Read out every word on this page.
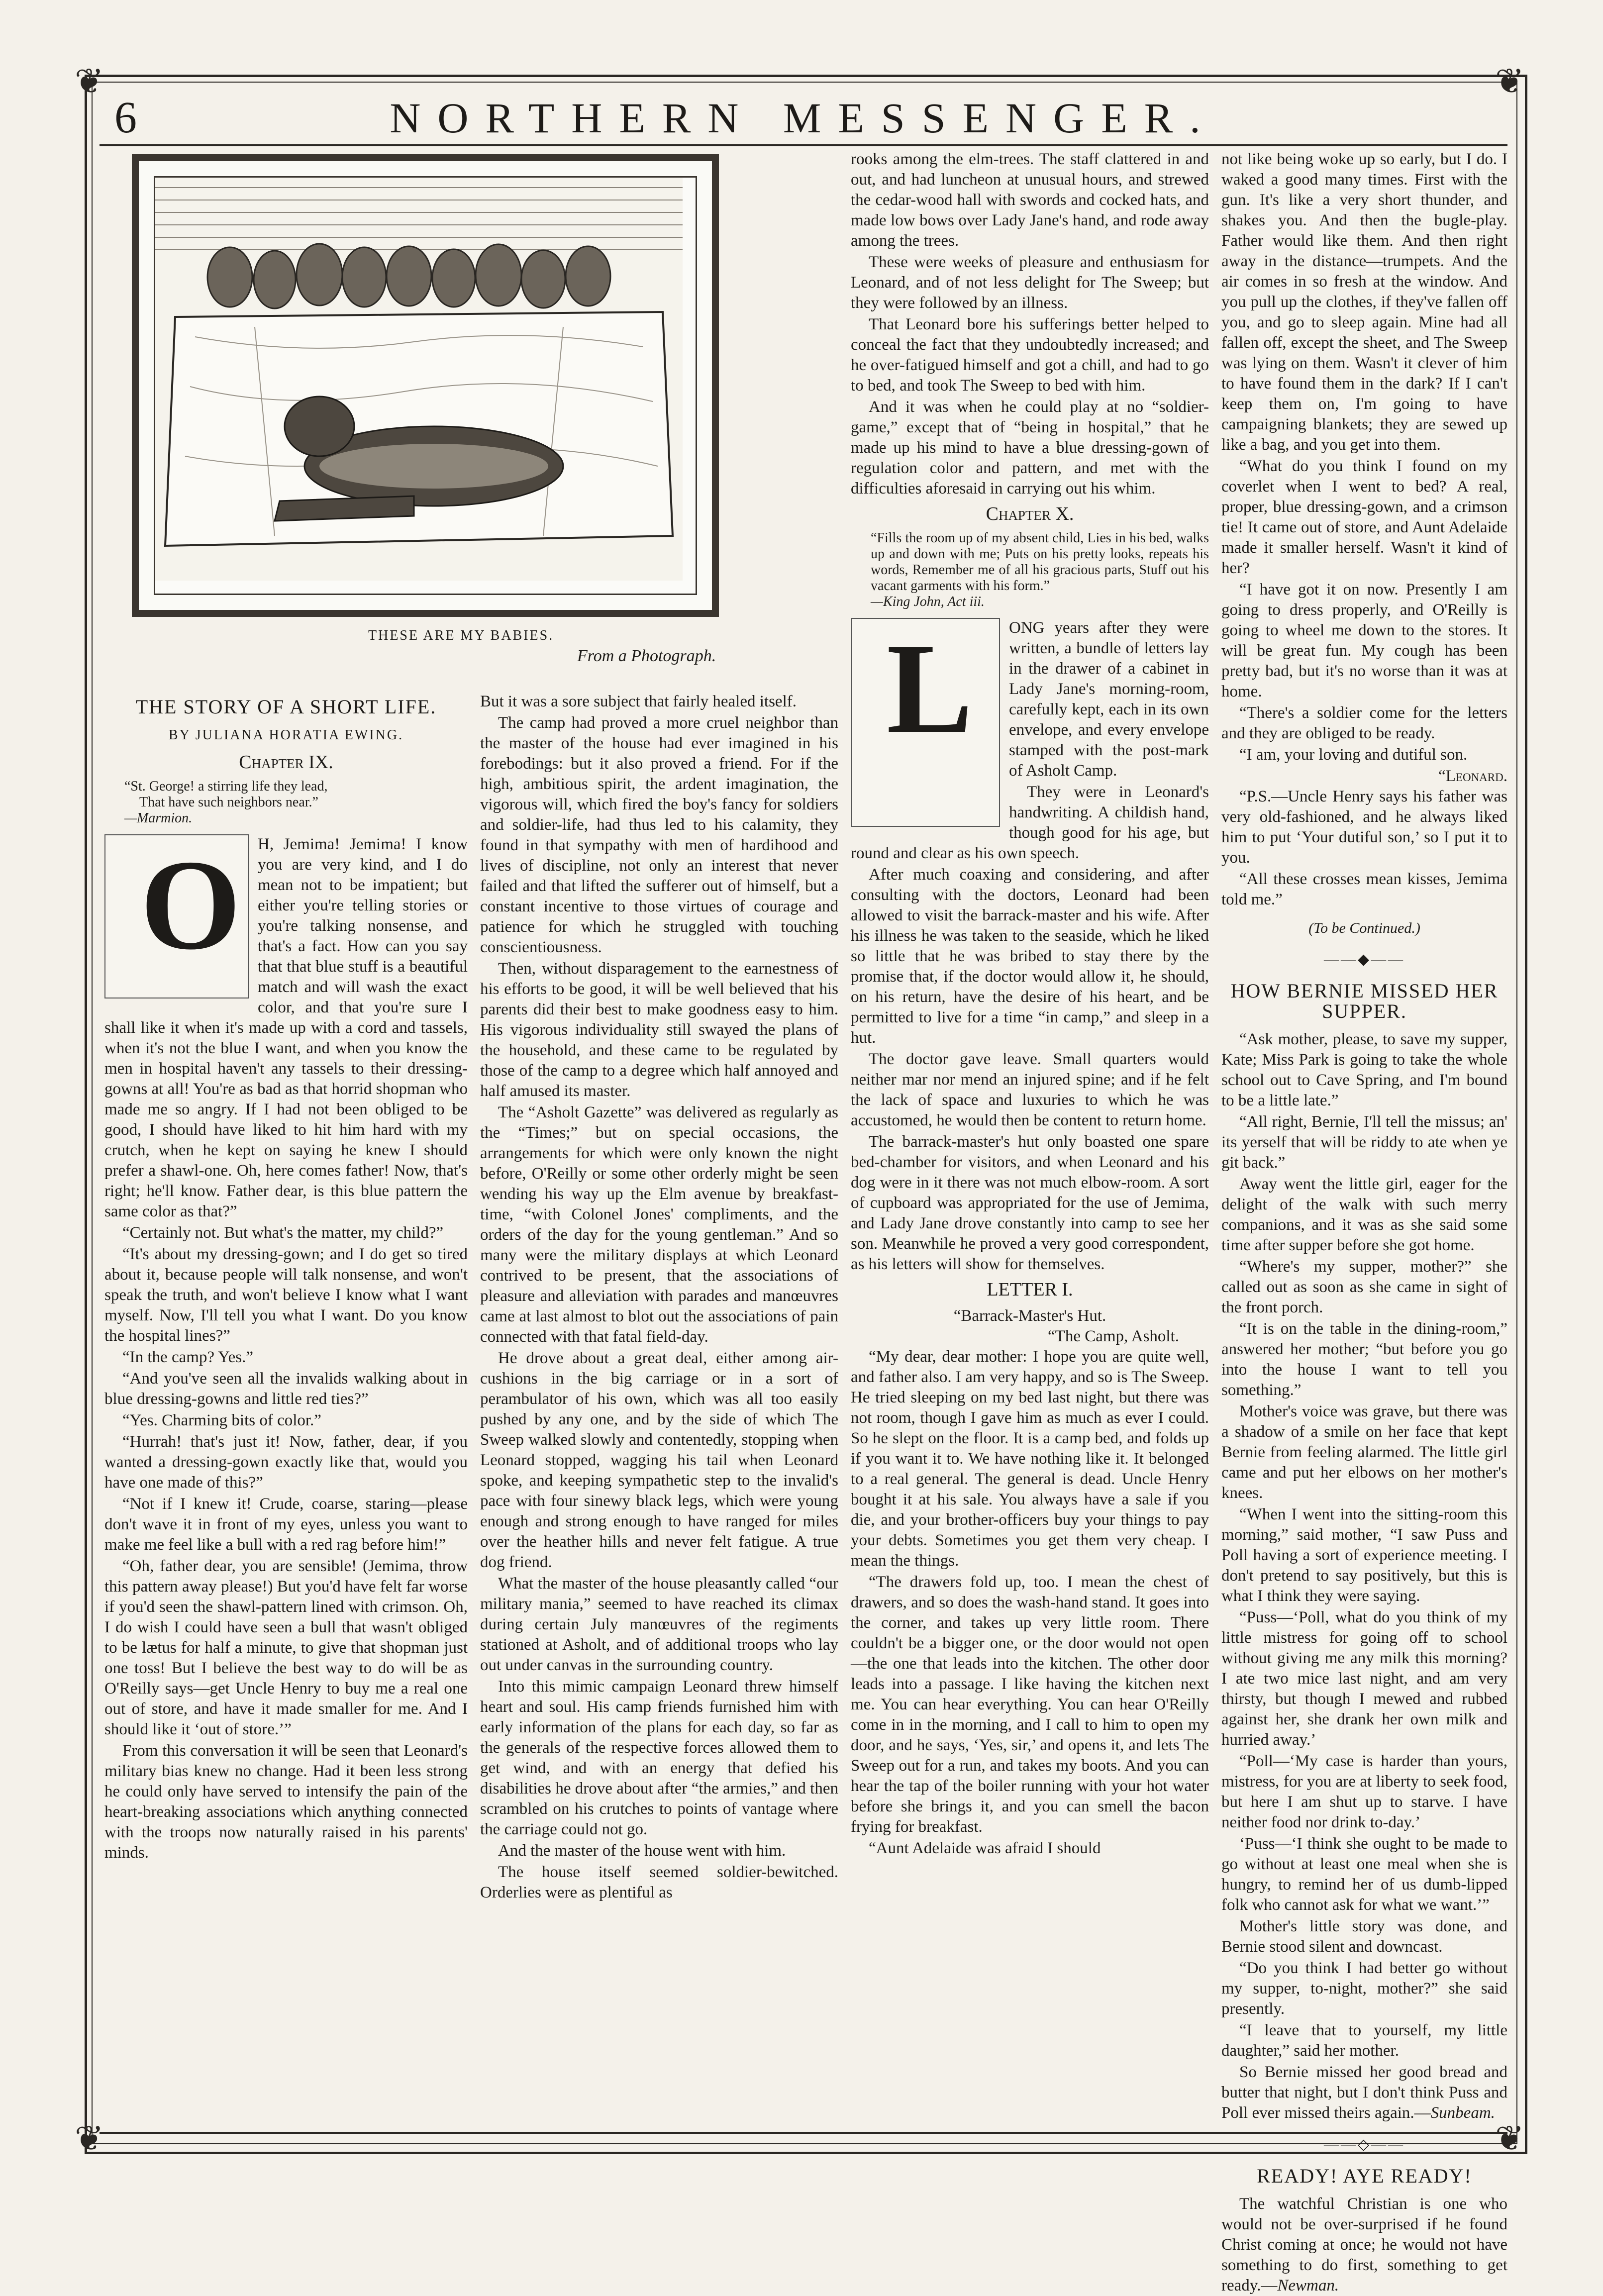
❦	❦
❦	❦
6	NORTHERN MESSENGER.
THESE ARE MY BABIES.
From a Photograph.
THE STORY OF A SHORT LIFE.
BY JULIANA HORATIA EWING.
Chapter IX.
“St. George! a stirring life they lead,
That have such neighbors near.”
—Marmion.
O	H, Jemima! Jemima! I know you are very kind, and I do mean not to be impatient; but either you're telling stories or you're talking nonsense, and that's a fact. How can you say that that blue stuff is a beautiful match and will wash the exact color, and that you're sure I shall like it when it's made up with a cord and tassels, when it's not the blue I want, and when you know the men in hospital haven't any tassels to their dressing-gowns at all! You're as bad as that horrid shopman who made me so angry. If I had not been obliged to be good, I should have liked to hit him hard with my crutch, when he kept on saying he knew I should prefer a shawl-one. Oh, here comes father! Now, that's right; he'll know. Father dear, is this blue pattern the same color as that?”

“Certainly not. But what's the matter, my child?”

“It's about my dressing-gown; and I do get so tired about it, because people will talk nonsense, and won't speak the truth, and won't believe I know what I want myself. Now, I'll tell you what I want. Do you know the hospital lines?”

“In the camp? Yes.”

“And you've seen all the invalids walking about in blue dressing-gowns and little red ties?”

“Yes. Charming bits of color.”

“Hurrah! that's just it! Now, father, dear, if you wanted a dressing-gown exactly like that, would you have one made of this?”

“Not if I knew it! Crude, coarse, staring—please don't wave it in front of my eyes, unless you want to make me feel like a bull with a red rag before him!”

“Oh, father dear, you are sensible! (Jemima, throw this pattern away please!) But you'd have felt far worse if you'd seen the shawl-pattern lined with crimson. Oh, I do wish I could have seen a bull that wasn't obliged to be lætus for half a minute, to give that shopman just one toss! But I believe the best way to do will be as O'Reilly says—get Uncle Henry to buy me a real one out of store, and have it made smaller for me. And I should like it ‘out of store.’”

From this conversation it will be seen that Leonard's military bias knew no change. Had it been less strong he could only have served to intensify the pain of the heart-breaking associations which anything connected with the troops now naturally raised in his parents' minds.

But it was a sore subject that fairly healed itself.

The camp had proved a more cruel neighbor than the master of the house had ever imagined in his forebodings: but it also proved a friend. For if the high, ambitious spirit, the ardent imagination, the vigorous will, which fired the boy's fancy for soldiers and soldier-life, had thus led to his calamity, they found in that sympathy with men of hardihood and lives of discipline, not only an interest that never failed and that lifted the sufferer out of himself, but a constant incentive to those virtues of courage and patience for which he struggled with touching conscientiousness.

Then, without disparagement to the earnestness of his efforts to be good, it will be well believed that his parents did their best to make goodness easy to him. His vigorous individuality still swayed the plans of the household, and these came to be regulated by those of the camp to a degree which half annoyed and half amused its master.

The “Asholt Gazette” was delivered as regularly as the “Times;” but on special occasions, the arrangements for which were only known the night before, O'Reilly or some other orderly might be seen wending his way up the Elm avenue by breakfast-time, “with Colonel Jones' compliments, and the orders of the day for the young gentleman.” And so many were the military displays at which Leonard contrived to be present, that the associations of pleasure and alleviation with parades and manœuvres came at last almost to blot out the associations of pain connected with that fatal field-day.

He drove about a great deal, either among air-cushions in the big carriage or in a sort of perambulator of his own, which was all too easily pushed by any one, and by the side of which The Sweep walked slowly and contentedly, stopping when Leonard stopped, wagging his tail when Leonard spoke, and keeping sympathetic step to the invalid's pace with four sinewy black legs, which were young enough and strong enough to have ranged for miles over the heather hills and never felt fatigue. A true dog friend.

What the master of the house pleasantly called “our military mania,” seemed to have reached its climax during certain July manœuvres of the regiments stationed at Asholt, and of additional troops who lay out under canvas in the surrounding country.

Into this mimic campaign Leonard threw himself heart and soul. His camp friends furnished him with early information of the plans for each day, so far as the generals of the respective forces allowed them to get wind, and with an energy that defied his disabilities he drove about after “the armies,” and then scrambled on his crutches to points of vantage where the carriage could not go.

And the master of the house went with him.

The house itself seemed soldier-bewitched. Orderlies were as plentiful as

rooks among the elm-trees. The staff clattered in and out, and had luncheon at unusual hours, and strewed the cedar-wood hall with swords and cocked hats, and made low bows over Lady Jane's hand, and rode away among the trees.

These were weeks of pleasure and enthusiasm for Leonard, and of not less delight for The Sweep; but they were followed by an illness.

That Leonard bore his sufferings better helped to conceal the fact that they undoubtedly increased; and he over-fatigued himself and got a chill, and had to go to bed, and took The Sweep to bed with him.

And it was when he could play at no “soldier-game,” except that of “being in hospital,” that he made up his mind to have a blue dressing-gown of regulation color and pattern, and met with the difficulties aforesaid in carrying out his whim.

Chapter X.
“Fills the room up of my absent child, Lies in his bed, walks up and down with me; Puts on his pretty looks, repeats his words, Remember me of all his gracious parts, Stuff out his vacant garments with his form.”
—King John, Act iii.
L	ONG years after they were written, a bundle of letters lay in the drawer of a cabinet in Lady Jane's morning-room, carefully kept, each in its own envelope, and every envelope stamped with the post-mark of Asholt Camp.

They were in Leonard's handwriting. A childish hand, though good for his age, but round and clear as his own speech.

After much coaxing and considering, and after consulting with the doctors, Leonard had been allowed to visit the barrack-master and his wife. After his illness he was taken to the seaside, which he liked so little that he was bribed to stay there by the promise that, if the doctor would allow it, he should, on his return, have the desire of his heart, and be permitted to live for a time “in camp,” and sleep in a hut.

The doctor gave leave. Small quarters would neither mar nor mend an injured spine; and if he felt the lack of space and luxuries to which he was accustomed, he would then be content to return home.

The barrack-master's hut only boasted one spare bed-chamber for visitors, and when Leonard and his dog were in it there was not much elbow-room. A sort of cupboard was appropriated for the use of Jemima, and Lady Jane drove constantly into camp to see her son. Meanwhile he proved a very good correspondent, as his letters will show for themselves.

LETTER I.
“Barrack-Master's Hut.
“The Camp, Asholt.

“My dear, dear mother: I hope you are quite well, and father also. I am very happy, and so is The Sweep. He tried sleeping on my bed last night, but there was not room, though I gave him as much as ever I could. So he slept on the floor. It is a camp bed, and folds up if you want it to. We have nothing like it. It belonged to a real general. The general is dead. Uncle Henry bought it at his sale. You always have a sale if you die, and your brother-officers buy your things to pay your debts. Sometimes you get them very cheap. I mean the things.

“The drawers fold up, too. I mean the chest of drawers, and so does the wash-hand stand. It goes into the corner, and takes up very little room. There couldn't be a bigger one, or the door would not open—the one that leads into the kitchen. The other door leads into a passage. I like having the kitchen next me. You can hear everything. You can hear O'Reilly come in in the morning, and I call to him to open my door, and he says, ‘Yes, sir,’ and opens it, and lets The Sweep out for a run, and takes my boots. And you can hear the tap of the boiler running with your hot water before she brings it, and you can smell the bacon frying for breakfast.

“Aunt Adelaide was afraid I should

not like being woke up so early, but I do. I waked a good many times. First with the gun. It's like a very short thunder, and shakes you. And then the bugle-play. Father would like them. And then right away in the distance—trumpets. And the air comes in so fresh at the window. And you pull up the clothes, if they've fallen off you, and go to sleep again. Mine had all fallen off, except the sheet, and The Sweep was lying on them. Wasn't it clever of him to have found them in the dark? If I can't keep them on, I'm going to have campaigning blankets; they are sewed up like a bag, and you get into them.

“What do you think I found on my coverlet when I went to bed? A real, proper, blue dressing-gown, and a crimson tie! It came out of store, and Aunt Adelaide made it smaller herself. Wasn't it kind of her?

“I have got it on now. Presently I am going to dress properly, and O'Reilly is going to wheel me down to the stores. It will be great fun. My cough has been pretty bad, but it's no worse than it was at home.

“There's a soldier come for the letters and they are obliged to be ready.

“I am, your loving and dutiful son.

“Leonard.

“P.S.—Uncle Henry says his father was very old-fashioned, and he always liked him to put ‘Your dutiful son,’ so I put it to you.

“All these crosses mean kisses, Jemima told me.”

(To be Continued.)
——◆——
HOW BERNIE MISSED HER SUPPER.

“Ask mother, please, to save my supper, Kate; Miss Park is going to take the whole school out to Cave Spring, and I'm bound to be a little late.”

“All right, Bernie, I'll tell the missus; an' its yerself that will be riddy to ate when ye git back.”

Away went the little girl, eager for the delight of the walk with such merry companions, and it was as she said some time after supper before she got home.

“Where's my supper, mother?” she called out as soon as she came in sight of the front porch.

“It is on the table in the dining-room,” answered her mother; “but before you go into the house I want to tell you something.”

Mother's voice was grave, but there was a shadow of a smile on her face that kept Bernie from feeling alarmed. The little girl came and put her elbows on her mother's knees.

“When I went into the sitting-room this morning,” said mother, “I saw Puss and Poll having a sort of experience meeting. I don't pretend to say positively, but this is what I think they were saying.

“Puss—‘Poll, what do you think of my little mistress for going off to school without giving me any milk this morning? I ate two mice last night, and am very thirsty, but though I mewed and rubbed against her, she drank her own milk and hurried away.’

“Poll—‘My case is harder than yours, mistress, for you are at liberty to seek food, but here I am shut up to starve. I have neither food nor drink to-day.’

‘Puss—‘I think she ought to be made to go without at least one meal when she is hungry, to remind her of us dumb-lipped folk who cannot ask for what we want.’”

Mother's little story was done, and Bernie stood silent and downcast.

“Do you think I had better go without my supper, to-night, mother?” she said presently.

“I leave that to yourself, my little daughter,” said her mother.

So Bernie missed her good bread and butter that night, but I don't think Puss and Poll ever missed theirs again.—Sunbeam.

——◇——
READY! AYE READY!

The watchful Christian is one who would not be over-surprised if he found Christ coming at once; he would not have something to do first, something to get ready.—Newman.
